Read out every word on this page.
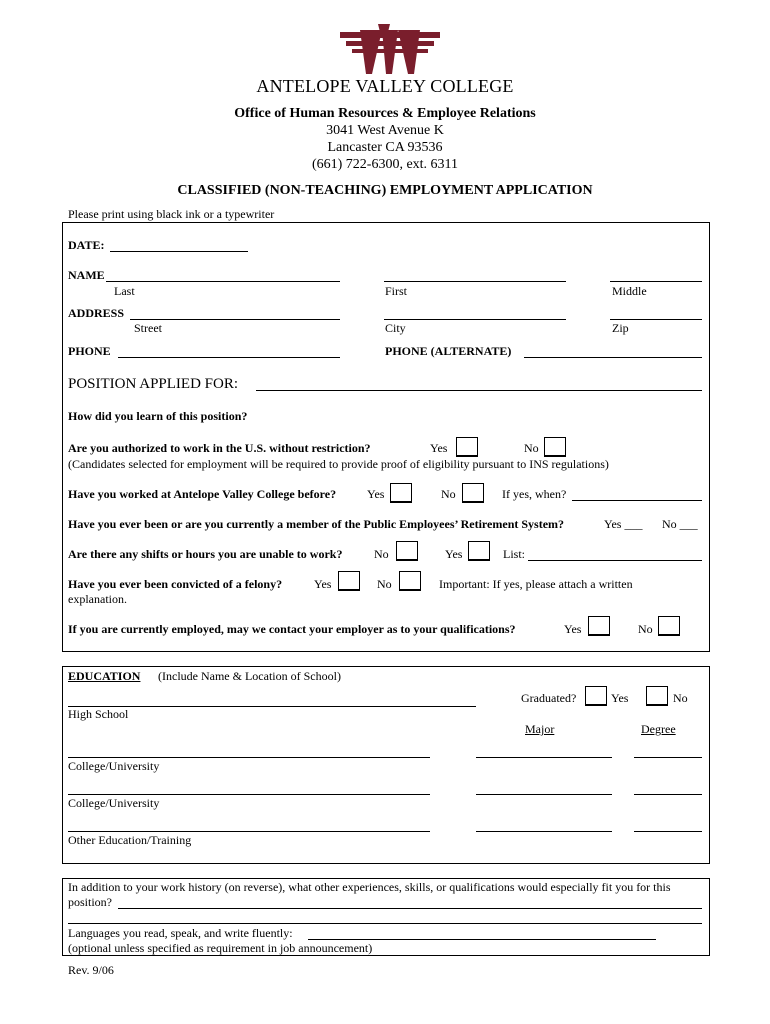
ANTELOPE VALLEY COLLEGE
Office of Human Resources & Employee Relations
3041 West Avenue K
Lancaster CA 93536
(661) 722-6300, ext. 6311
CLASSIFIED (NON-TEACHING) EMPLOYMENT APPLICATION
Please print using black ink or a typewriter
DATE:
NAME
Last	First	Middle
ADDRESS
Street	City	Zip
PHONE	PHONE (ALTERNATE)
POSITION APPLIED FOR:
How did you learn of this position?
Are you authorized to work in the U.S. without restriction?	Yes	No
(Candidates selected for employment will be required to provide proof of eligibility pursuant to INS regulations)
Have you worked at Antelope Valley College before?	Yes	No	If yes, when?
Have you ever been or are you currently a member of the Public Employees’ Retirement System?	Yes ___ No ___
Are there any shifts or hours you are unable to work?	No	Yes	List:
Have you ever been convicted of a felony?	Yes	No	Important: If yes, please attach a written
explanation.
If you are currently employed, may we contact your employer as to your qualifications?	Yes	No
EDUCATION (Include Name & Location of School)
High School
Graduated?	Yes	No
Major	Degree
College/University
College/University
Other Education/Training
In addition to your work history (on reverse), what other experiences, skills, or qualifications would especially fit you for this
position?
Languages you read, speak, and write fluently:
(optional unless specified as requirement in job announcement)
Rev. 9/06
